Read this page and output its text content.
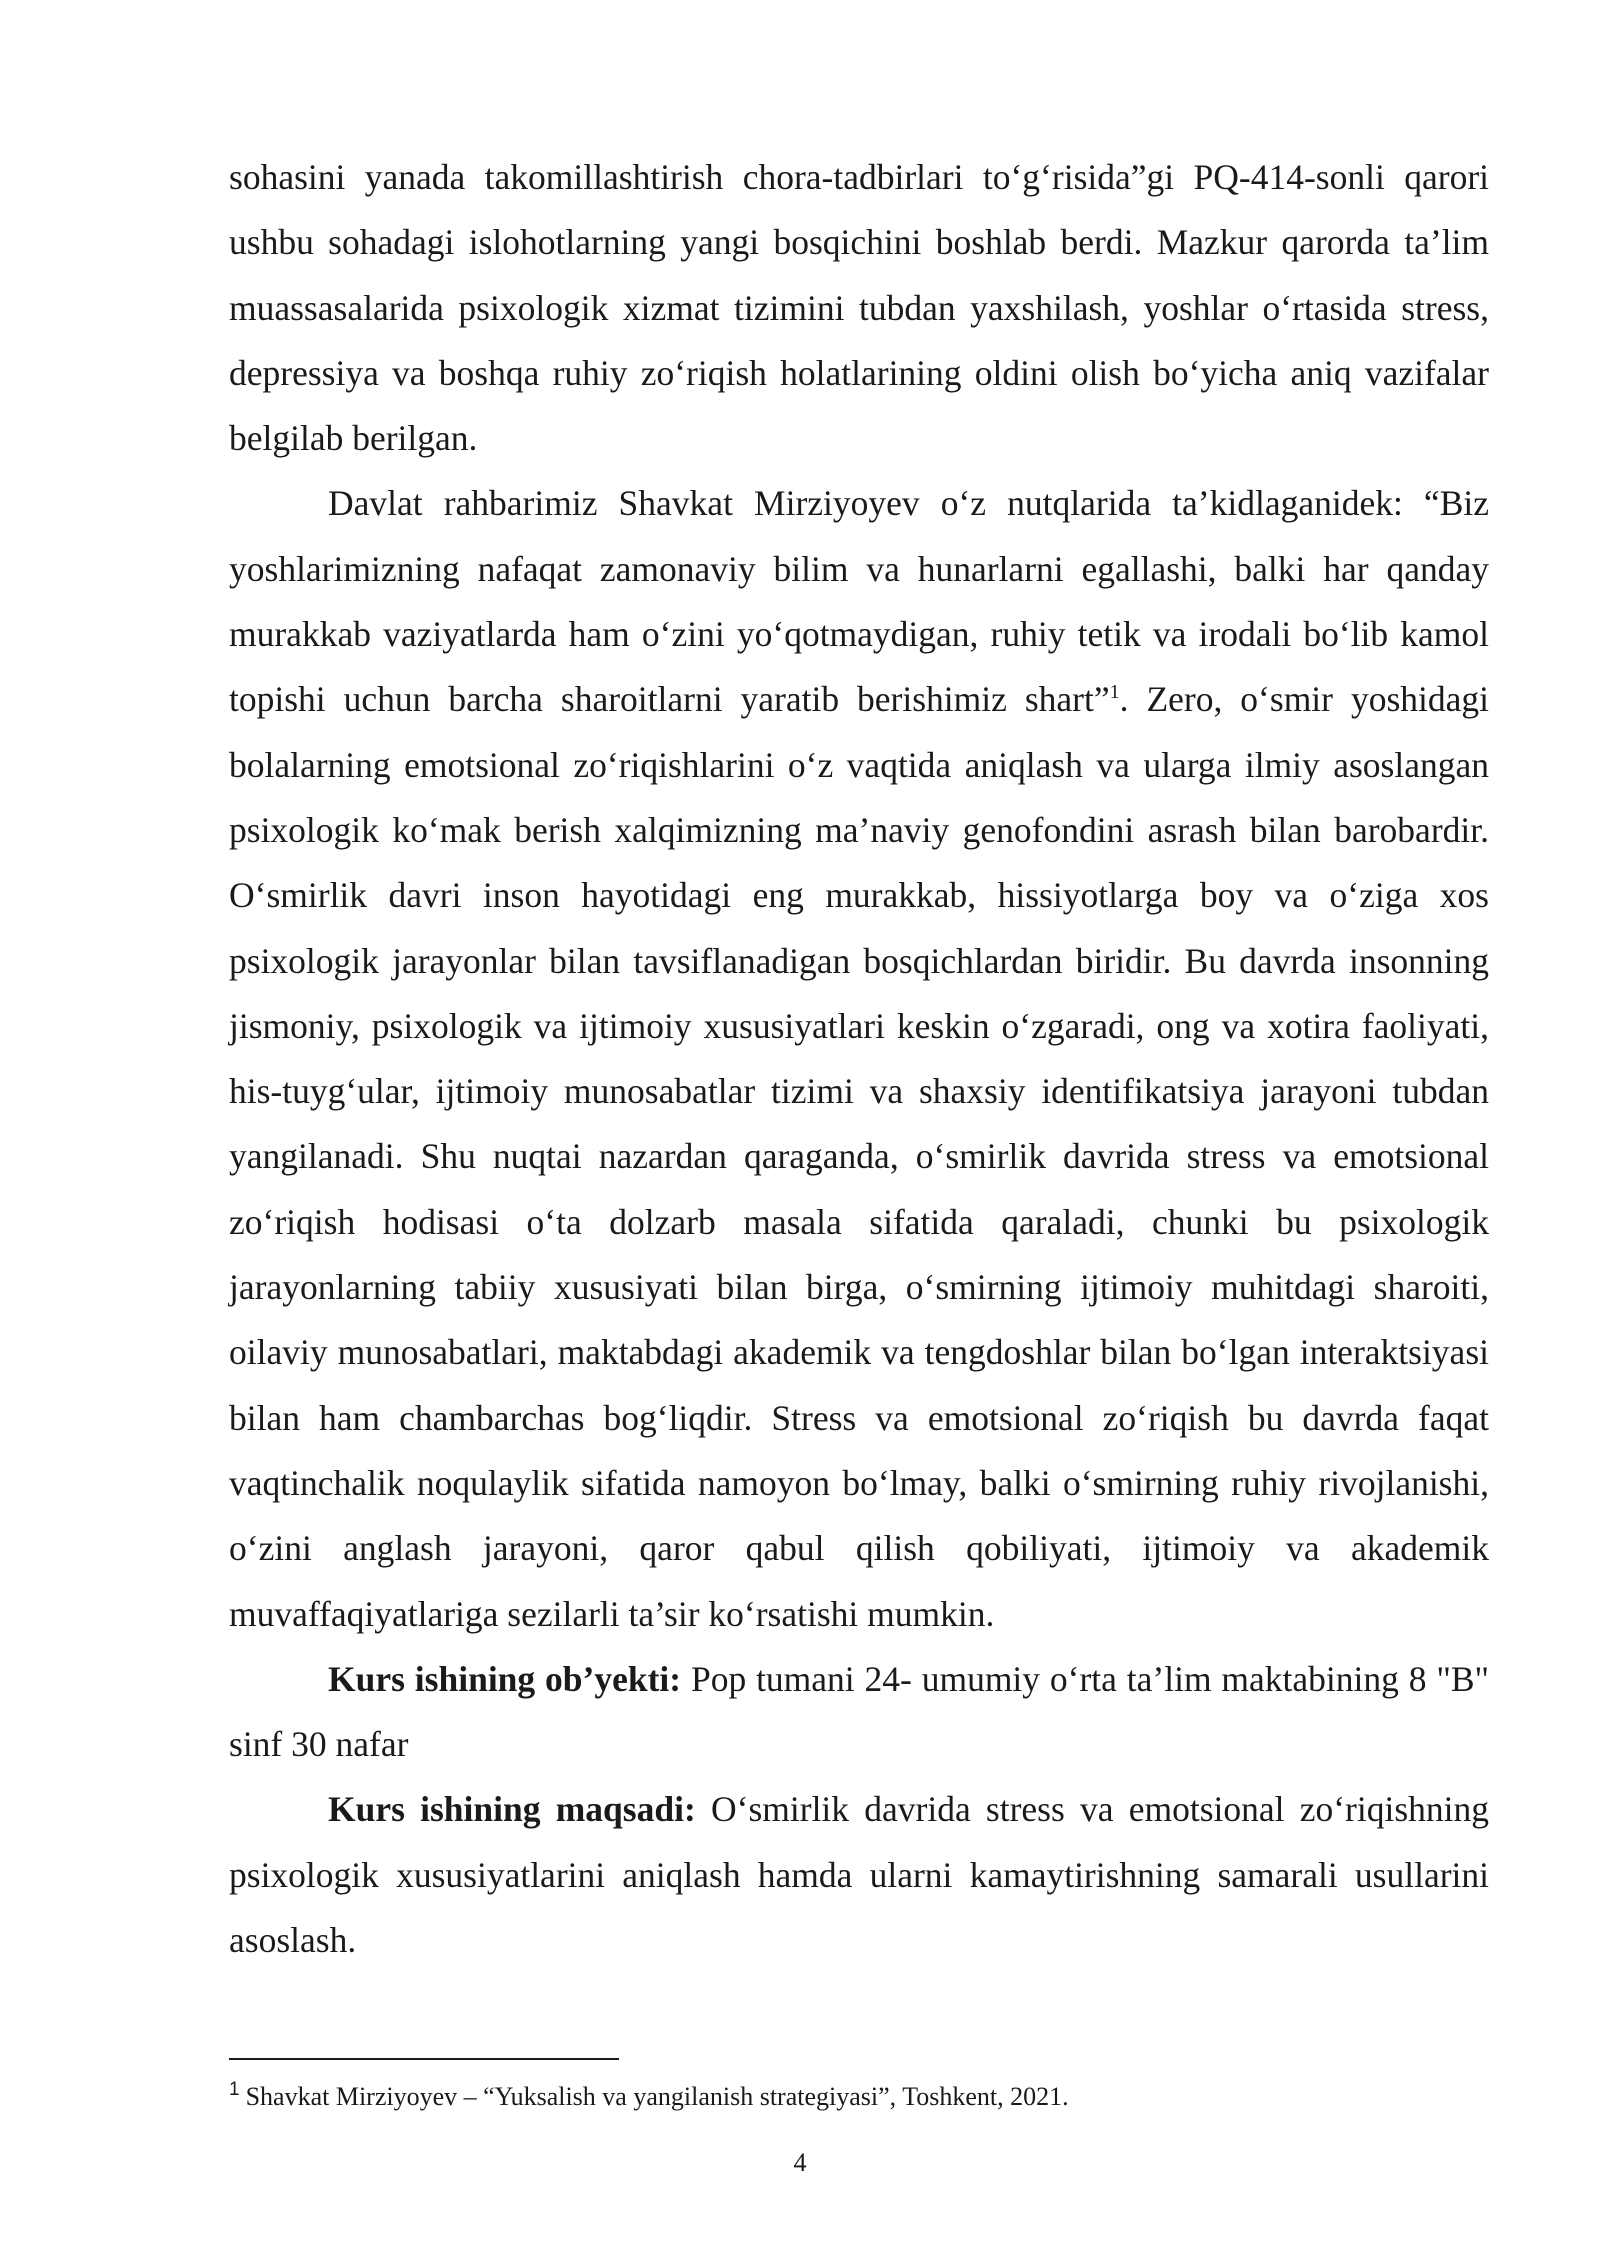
sohasini yanada takomillashtirish chora-tadbirlari to‘g‘risida”gi PQ-414-sonli qarori ushbu sohadagi islohotlarning yangi bosqichini boshlab berdi. Mazkur qarorda ta’lim muassasalarida psixologik xizmat tizimini tubdan yaxshilash, yoshlar o‘rtasida stress, depressiya va boshqa ruhiy zo‘riqish holatlarining oldini olish bo‘yicha aniq vazifalar belgilab berilgan.

Davlat rahbarimiz Shavkat Mirziyoyev o‘z nutqlarida ta’kidlaganidek: “Biz yoshlarimizning nafaqat zamonaviy bilim va hunarlarni egallashi, balki har qanday murakkab vaziyatlarda ham o‘zini yo‘qotmaydigan, ruhiy tetik va irodali bo‘lib kamol topishi uchun barcha sharoitlarni yaratib berishimiz shart”$^1$. Zero, o‘smir yoshidagi bolalarning emotsional zo‘riqishlarini o‘z vaqtida aniqlash va ularga ilmiy asoslangan psixologik ko‘mak berish xalqimizning ma’naviy genofondini asrash bilan barobardir. O‘smirlik davri inson hayotidagi eng murakkab, hissiyotlarga boy va o‘ziga xos psixologik jarayonlar bilan tavsiflanadigan bosqichlardan biridir. Bu davrda insonning jismoniy, psixologik va ijtimoiy xususiyatlari keskin o‘zgaradi, ong va xotira faoliyati, his-tuyg‘ular, ijtimoiy munosabatlar tizimi va shaxsiy identifikatsiya jarayoni tubdan yangilanadi. Shu nuqtai nazardan qaraganda, o‘smirlik davrida stress va emotsional zo‘riqish hodisasi o‘ta dolzarb masala sifatida qaraladi, chunki bu psixologik jarayonlarning tabiiy xususiyati bilan birga, o‘smirning ijtimoiy muhitdagi sharoiti, oilaviy munosabatlari, maktabdagi akademik va tengdoshlar bilan bo‘lgan interaktsiyasi bilan ham chambarchas bog‘liqdir. Stress va emotsional zo‘riqish bu davrda faqat vaqtinchalik noqulaylik sifatida namoyon bo‘lmay, balki o‘smirning ruhiy rivojlanishi, o‘zini anglash jarayoni, qaror qabul qilish qobiliyati, ijtimoiy va akademik muvaffaqiyatlariga sezilarli ta’sir ko‘rsatishi mumkin.

Kurs ishining ob’yekti: Pop tumani 24- umumiy o‘rta ta’lim maktabining 8 "B" sinf 30 nafar

Kurs ishining maqsadi: O‘smirlik davrida stress va emotsional zo‘riqishning psixologik xususiyatlarini aniqlash hamda ularni kamaytirishning samarali usullarini asoslash.

$^1$ Shavkat Mirziyoyev – “Yuksalish va yangilanish strategiyasi”, Toshkent, 2021.

4
